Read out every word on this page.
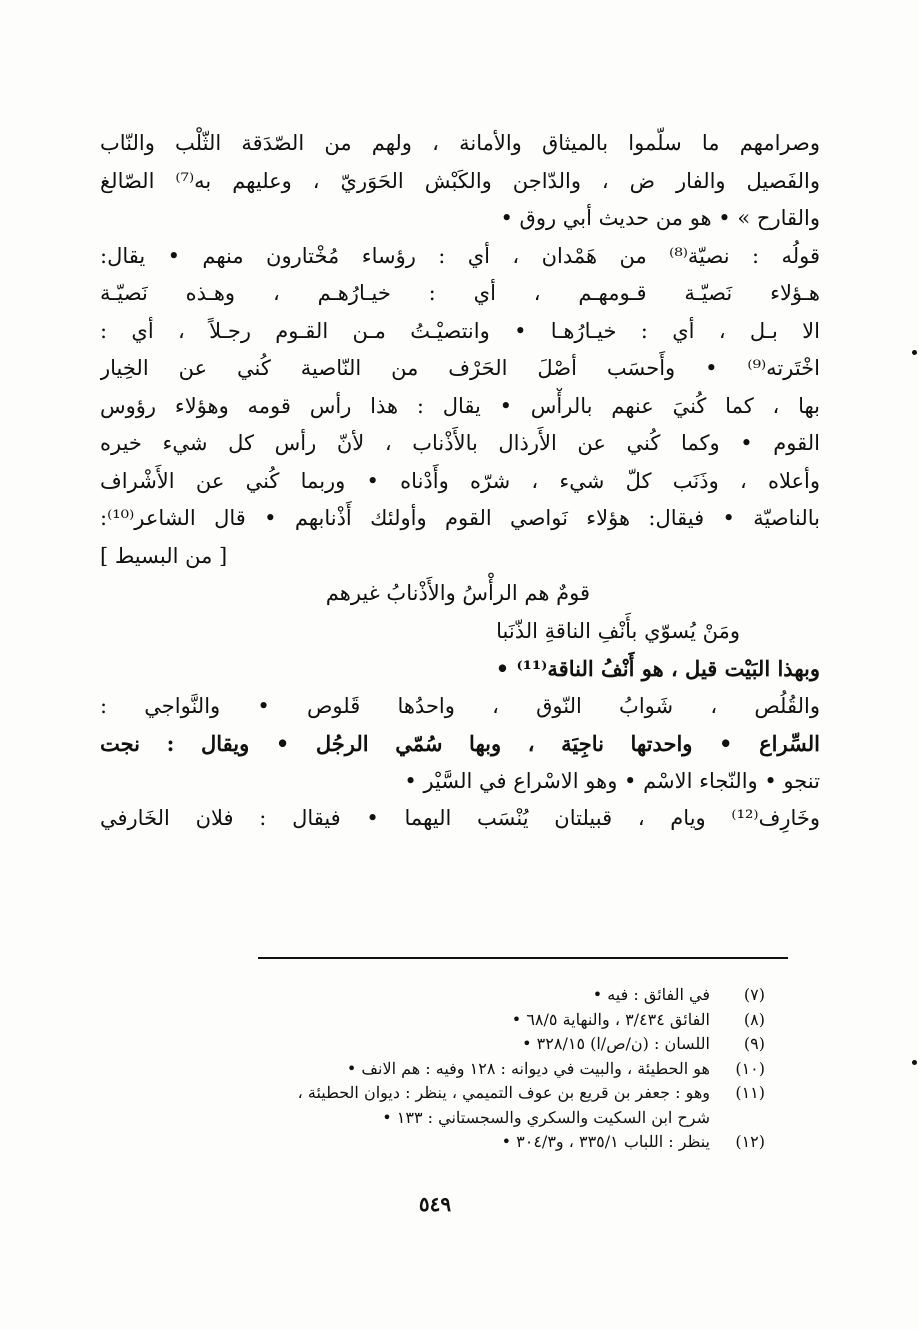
وصرامهم ما سلّموا بالميثاق والأمانة ، ولهم من الصّدَقة الثّلْب والنّاب
والفَصيل والفار ض ، والدّاجن والكَبْش الحَوَريّ ، وعليهم به⁽⁷⁾ الصّالغ
والقارح » • هو من حديث أبي روق •
قولُه : نصيّة⁽⁸⁾ من هَمْدان ، أي : رؤساء مُخْتارون منهم • يقال:
هـؤلاء نَصيّـة قـومهـم ، أي : خيـارُهـم ، وهـذه نَصيّـة
الا بـل ، أي : خيـارُهـا • وانتصيْـتُ مـن القـوم رجـلاً ، أي :
اخْتَرته⁽⁹⁾ • وأَحسَب أصْلَ الحَرْف من النّاصية كُني عن الخِيار
بها ، كما كُنيَ عنهم بالرأْس • يقال : هذا رأس قومه وهؤلاء رؤوس
القوم • وكما كُني عن الأَرذال بالأَذْناب ، لأنّ رأس كل شيء خيره
وأعلاه ، وذَنَب كلّ شيء ، شرّه وأَدْناه • وربما كُني عن الأَشْراف
بالناصيّة • فيقال: هؤلاء نَواصي القوم وأولئك أَذْنابهم • قال الشاعر⁽¹⁰⁾:
[ من البسيط ]
قومٌ هم الرأْسُ والأَذْنابُ غيرهم
ومَنْ يُسوّي بأَنْفِ الناقةِ الذّنَبا
وبهذا البَيْت قيل ، هو أَنْفُ الناقة⁽¹¹⁾ •
والقُلُص ، شَوابُ النّوق ، واحدُها قَلوص • والنَّواجي :
السِّراع • واحدتها ناجِيَة ، وبها سُمّي الرجُل • ويقال : نجت
تنجو • والنّجاء الاسْم • وهو الاسْراع في السَّيْر •
وخَارِف⁽¹²⁾ ويام ، قبيلتان يُنْسَب اليهما • فيقال : فلان الخَارفي
(٧)
في الفائق : فيه •
(٨)
الفائق ٣/٤٣٤ ، والنهاية ٦٨/٥ •
(٩)
اللسان : (ن/ص/ا) ٣٢٨/١٥ •
(١٠)
هو الحطيئة ، والبيت في ديوانه : ١٢٨ وفيه : هم الانف •
(١١)
وهو : جعفر بن قريع بن عوف التميمي ، ينظر : ديوان الحطيئة ،
شرح ابن السكيت والسكري والسجستاني : ١٣٣ •
(١٢)
ينظر : اللباب ٣٣٥/١ ، و٣٠٤/٣ •
٥٤٩
